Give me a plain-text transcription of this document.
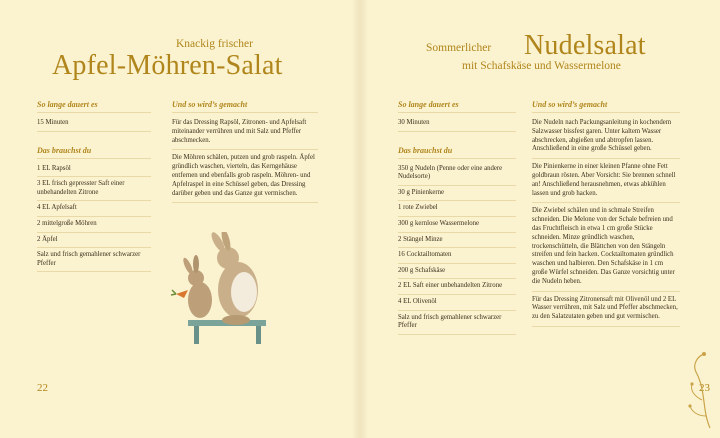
Knackig frischer
Apfel-Möhren-Salat
So lange dauert es
15 Minuten
Das brauchst du
1 EL Rapsöl
3 EL frisch gepresster Saft einer unbehandelten Zitrone
4 EL Apfelsaft
2 mittelgroße Möhren
2 Äpfel
Salz und frisch gemahlener schwarzer Pfeffer
Und so wird’s gemacht
Für das Dressing Rapsöl, Zitronen- und Apfelsaft miteinander verrühren und mit Salz und Pfeffer abschmecken.
Die Möhren schälen, putzen und grob raspeln. Äpfel gründlich waschen, vierteln, das Kerngehäuse entfernen und ebenfalls grob raspeln. Möhren- und Apfelraspel in eine Schüssel geben, das Dressing darüber geben und das Ganze gut vermischen.
22
Sommerlicher Nudelsalat
mit Schafskäse und Wassermelone
So lange dauert es
30 Minuten
Das brauchst du
350 g Nudeln (Penne oder eine andere Nudelsorte)
30 g Pinienkerne
1 rote Zwiebel
300 g kernlose Wassermelone
2 Stängel Minze
16 Cocktailtomaten
200 g Schafskäse
2 EL Saft einer unbehandelten Zitrone
4 EL Olivenöl
Salz und frisch gemahlener schwarzer Pfeffer
Und so wird’s gemacht
Die Nudeln nach Packungsanleitung in kochendem Salzwasser bissfest garen. Unter kaltem Wasser abschrecken, abgießen und abtropfen lassen. Anschließend in eine große Schüssel geben.
Die Pinienkerne in einer kleinen Pfanne ohne Fett goldbraun rösten. Aber Vorsicht: Sie brennen schnell an! Anschließend herausnehmen, etwas abkühlen lassen und grob hacken.
Die Zwiebel schälen und in schmale Streifen schneiden. Die Melone von der Schale befreien und das Fruchtfleisch in etwa 1 cm große Stücke schneiden. Minze gründlich waschen, trockenschütteln, die Blättchen von den Stängeln streifen und fein hacken. Cocktailtomaten gründlich waschen und halbieren. Den Schafskäse in 1 cm große Würfel schneiden. Das Ganze vorsichtig unter die Nudeln heben.
Für das Dressing Zitronensaft mit Olivenöl und 2 EL Wasser verrühren, mit Salz und Pfeffer abschmecken, zu den Salatzutaten geben und gut vermischen.
23
